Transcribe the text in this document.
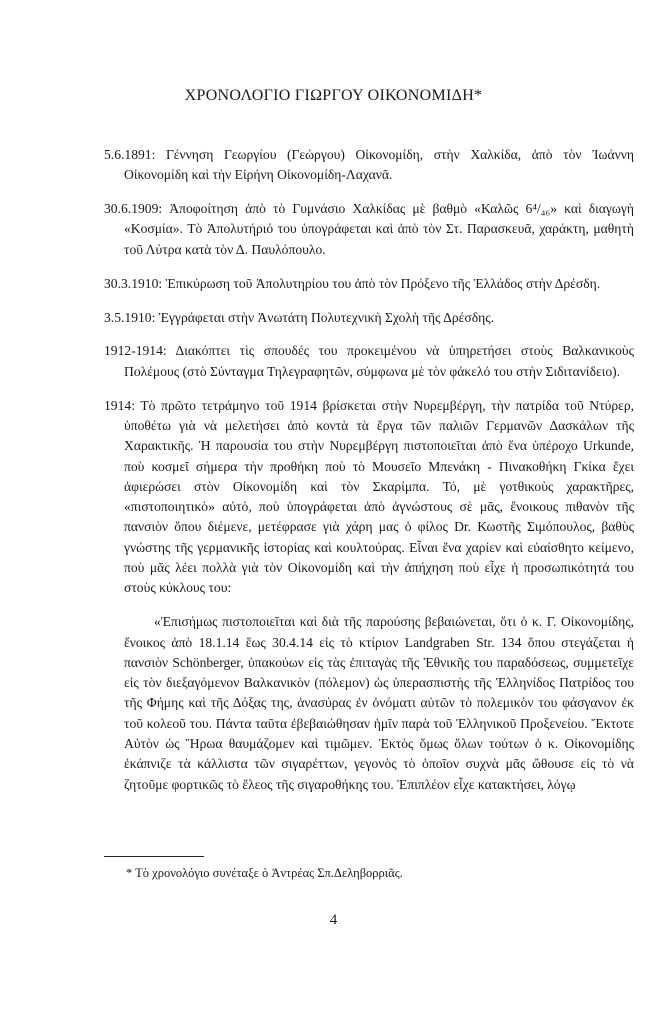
ΧΡΟΝΟΛΟΓΙΟ ΓΙΩΡΓΟΥ ΟΙΚΟΝΟΜΙΔΗ*

5.6.1891: Γέννηση Γεωργίου (Γεώργου) Οἰκονομίδη, στὴν Χαλκίδα, ἀπὸ τὸν Ἰωάννη Οἰκονομίδη καὶ τὴν Εἰρήνη Οἰκονομίδη-Λαχανᾶ.

30.6.1909: Ἀποφοίτηση ἀπὸ τὸ Γυμνάσιο Χαλκίδας μὲ βαθμὸ «Καλῶς 6⁴/₄₆» καὶ διαγωγὴ «Κοσμία». Τὸ Ἀπολυτήριό του ὑπογράφεται καὶ ἀπὸ τὸν Στ. Παρασκευᾶ, χαράκτη, μαθητὴ τοῦ Λύτρα κατὰ τὸν Δ. Παυλόπουλο.

30.3.1910: Ἐπικύρωση τοῦ Ἀπολυτηρίου του ἀπὸ τὸν Πρόξενο τῆς Ἑλλάδος στὴν Δρέσδη.

3.5.1910: Ἐγγράφεται στὴν Ἀνωτάτη Πολυτεχνικὴ Σχολὴ τῆς Δρέσδης.

1912-1914: Διακόπτει τὶς σπουδές του προκειμένου νὰ ὑπηρετήσει στοὺς Βαλκανικοὺς Πολέμους (στὸ Σύνταγμα Τηλεγραφητῶν, σύμφωνα μὲ τὸν φάκελό του στὴν Σιδιτανίδειο).

1914: Τὸ πρῶτο τετράμηνο τοῦ 1914 βρίσκεται στὴν Νυρεμβέργη, τὴν πατρίδα τοῦ Ντύρερ, ὑποθέτω γιὰ νὰ μελετήσει ἀπὸ κοντὰ τὰ ἔργα τῶν παλιῶν Γερμανῶν Δασκάλων τῆς Χαρακτικῆς. Ἡ παρουσία του στὴν Νυρεμβέργη πιστοποιεῖται ἀπὸ ἕνα ὑπέροχο Urkunde, ποὺ κοσμεῖ σήμερα τὴν προθήκη ποὺ τὸ Μουσεῖο Μπενάκη - Πινακοθήκη Γκίκα ἔχει ἀφιερώσει στὸν Οἰκονομίδη καὶ τὸν Σκαρίμπα. Τό, μὲ γοτθικοὺς χαρακτῆρες, «πιστοποιητικὸ» αὐτό, ποὺ ὑπογράφεται ἀπὸ ἀγνώστους σὲ μᾶς, ἔνοικους πιθανὸν τῆς πανσιὸν ὅπου διέμενε, μετέφρασε γιὰ χάρη μας ὁ φίλος Dr. Κωστῆς Σιμόπουλος, βαθὺς γνώστης τῆς γερμανικῆς ἱστορίας καὶ κουλτούρας. Εἶναι ἕνα χαρίεν καὶ εὐαίσθητο κείμενο, ποὺ μᾶς λέει πολλὰ γιὰ τὸν Οἰκονομίδη καὶ τὴν ἀπήχηση ποὺ εἶχε ἡ προσωπικότητά του στοὺς κύκλους του:

«Ἐπισήμως πιστοποιεῖται καὶ διὰ τῆς παρούσης βεβαιώνεται, ὅτι ὁ κ. Γ. Οἰκονομίδης, ἔνοικος ἀπὸ 18.1.14 ἕως 30.4.14 εἰς τὸ κτίριον Landgraben Str. 134 ὅπου στεγάζεται ἡ πανσιὸν Schönberger, ὑπακούων εἰς τὰς ἐπιταγὰς τῆς Ἐθνικῆς του παραδόσεως, συμμετεῖχε εἰς τὸν διεξαγόμενον Βαλκανικὸν (πόλεμον) ὡς ὑπερασπιστὴς τῆς Ἑλληνίδος Πατρίδος του τῆς Φήμης καὶ τῆς Δόξας της, ἀνασύρας ἐν ὀνόματι αὐτῶν τὸ πολεμικὸν του φάσγανον ἐκ τοῦ κολεοῦ του. Πάντα ταῦτα ἐβεβαιώθησαν ἡμῖν παρὰ τοῦ Ἑλληνικοῦ Προξενείου. Ἔκτοτε Αὐτὸν ὡς Ἥρωα θαυμάζομεν καὶ τιμῶμεν. Ἐκτὸς ὅμως ὅλων τούτων ὁ κ. Οἰκονομίδης ἐκάπνιζε τὰ κάλλιστα τῶν σιγαρέττων, γεγονὸς τὸ ὁποῖον συχνὰ μᾶς ὤθουσε εἰς τὸ νὰ ζητοῦμε φορτικῶς τὸ ἔλεος τῆς σιγαροθήκης του. Ἐπιπλέον εἶχε κατακτήσει, λόγῳ

* Τὸ χρονολόγιο συνέταξε ὁ Ἀντρέας Σπ.Δεληβορριᾶς.
4
